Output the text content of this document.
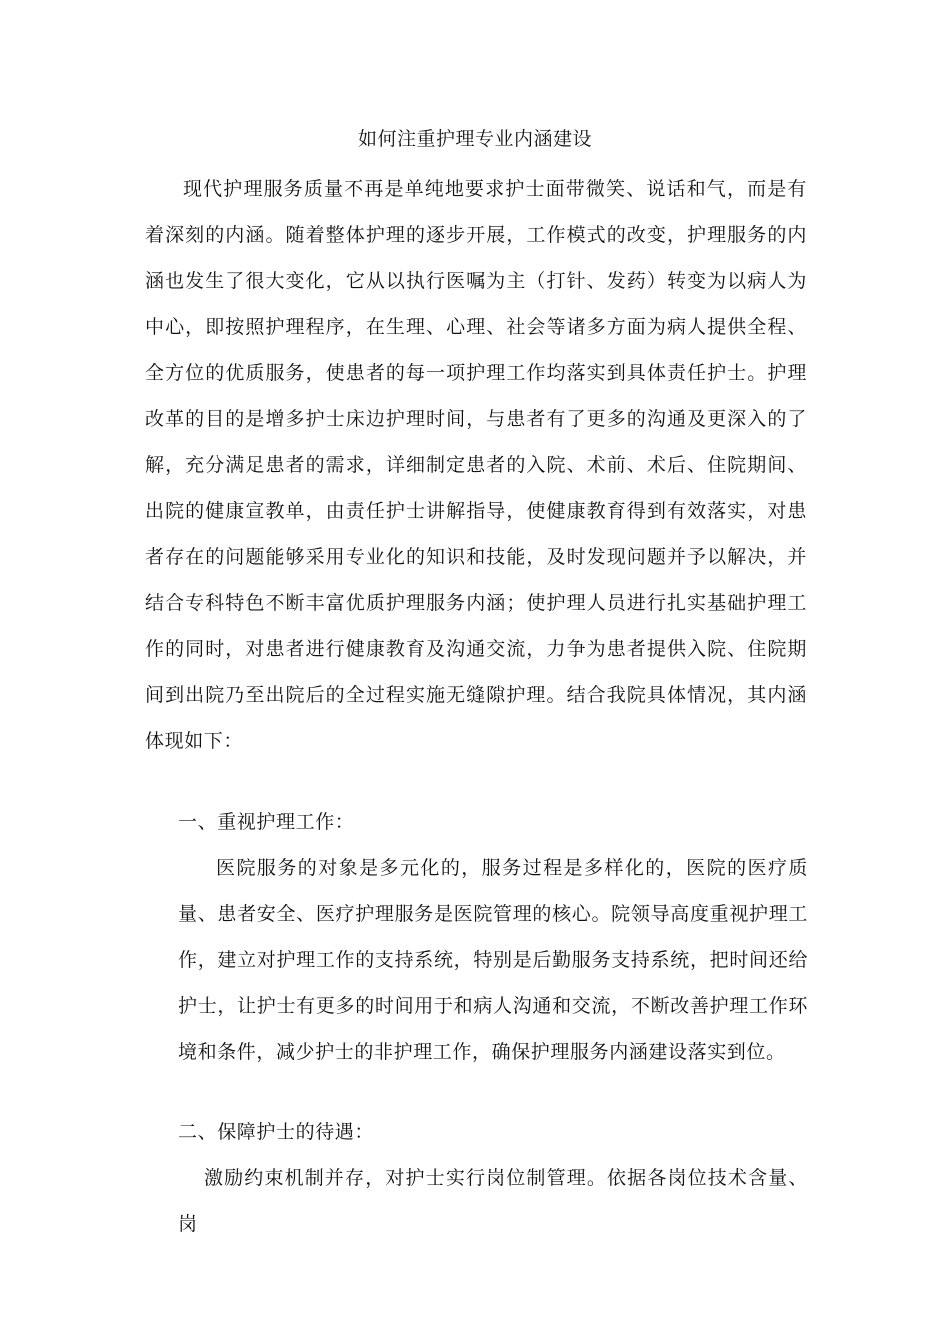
如何注重护理专业内涵建设

现代护理服务质量不再是单纯地要求护士面带微笑、说话和气，而是有着深刻的内涵。随着整体护理的逐步开展，工作模式的改变，护理服务的内涵也发生了很大变化，它从以执行医嘱为主（打针、发药）转变为以病人为中心，即按照护理程序，在生理、心理、社会等诸多方面为病人提供全程、全方位的优质服务，使患者的每一项护理工作均落实到具体责任护士。护理改革的目的是增多护士床边护理时间，与患者有了更多的沟通及更深入的了解，充分满足患者的需求，详细制定患者的入院、术前、术后、住院期间、出院的健康宣教单，由责任护士讲解指导，使健康教育得到有效落实，对患者存在的问题能够采用专业化的知识和技能，及时发现问题并予以解决，并结合专科特色不断丰富优质护理服务内涵；使护理人员进行扎实基础护理工作的同时，对患者进行健康教育及沟通交流，力争为患者提供入院、住院期间到出院乃至出院后的全过程实施无缝隙护理。结合我院具体情况，其内涵体现如下：

一、重视护理工作：

医院服务的对象是多元化的，服务过程是多样化的，医院的医疗质量、患者安全、医疗护理服务是医院管理的核心。院领导高度重视护理工作，建立对护理工作的支持系统，特别是后勤服务支持系统，把时间还给护士，让护士有更多的时间用于和病人沟通和交流，不断改善护理工作环境和条件，减少护士的非护理工作，确保护理服务内涵建设落实到位。

二、保障护士的待遇：

激励约束机制并存，对护士实行岗位制管理。依据各岗位技术含量、岗
